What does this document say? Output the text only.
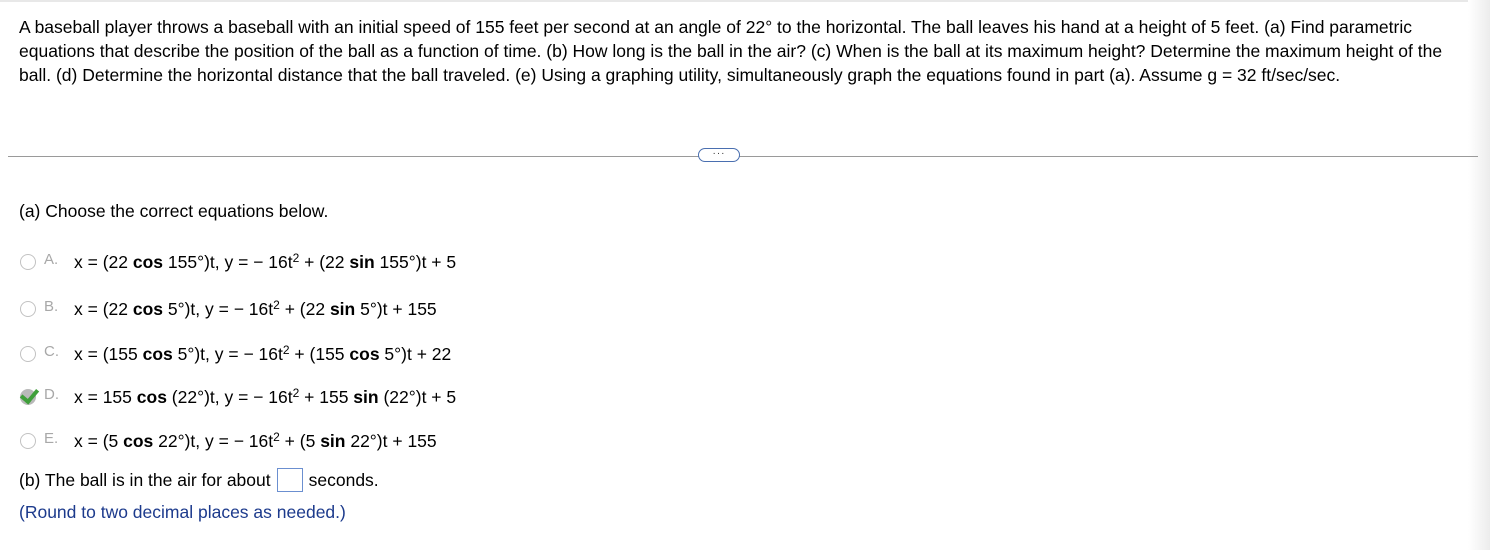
A baseball player throws a baseball with an initial speed of 155 feet per second at an angle of 22° to the horizontal. The ball leaves his hand at a height of 5 feet. (a) Find parametric equations that describe the position of the ball as a function of time. (b) How long is the ball in the air? (c) When is the ball at its maximum height? Determine the maximum height of the ball. (d) Determine the horizontal distance that the ball traveled. (e) Using a graphing utility, simultaneously graph the equations found in part (a). Assume g = 32 ft/sec/sec.

···
(a) Choose the correct equations below.
A. x = (22 cos 155°)t, y = − $16t^2 + (22$ sin 155°)t + 5
B. x = (22 cos 5°)t, y = − $16t^2 + (22$ sin 5°)t + 155
C. x = (155 cos 5°)t, y = − $16t^2 + (155$ cos 5°)t + 22
D. x = 155 cos (22°)t, y = − $16t^2 + 155$ sin (22°)t + 5
E. x = (5 cos 22°)t, y = − $16t^2 + (5$ sin 22°)t + 155
(b) The ball is in the air for about seconds.
(Round to two decimal places as needed.)
